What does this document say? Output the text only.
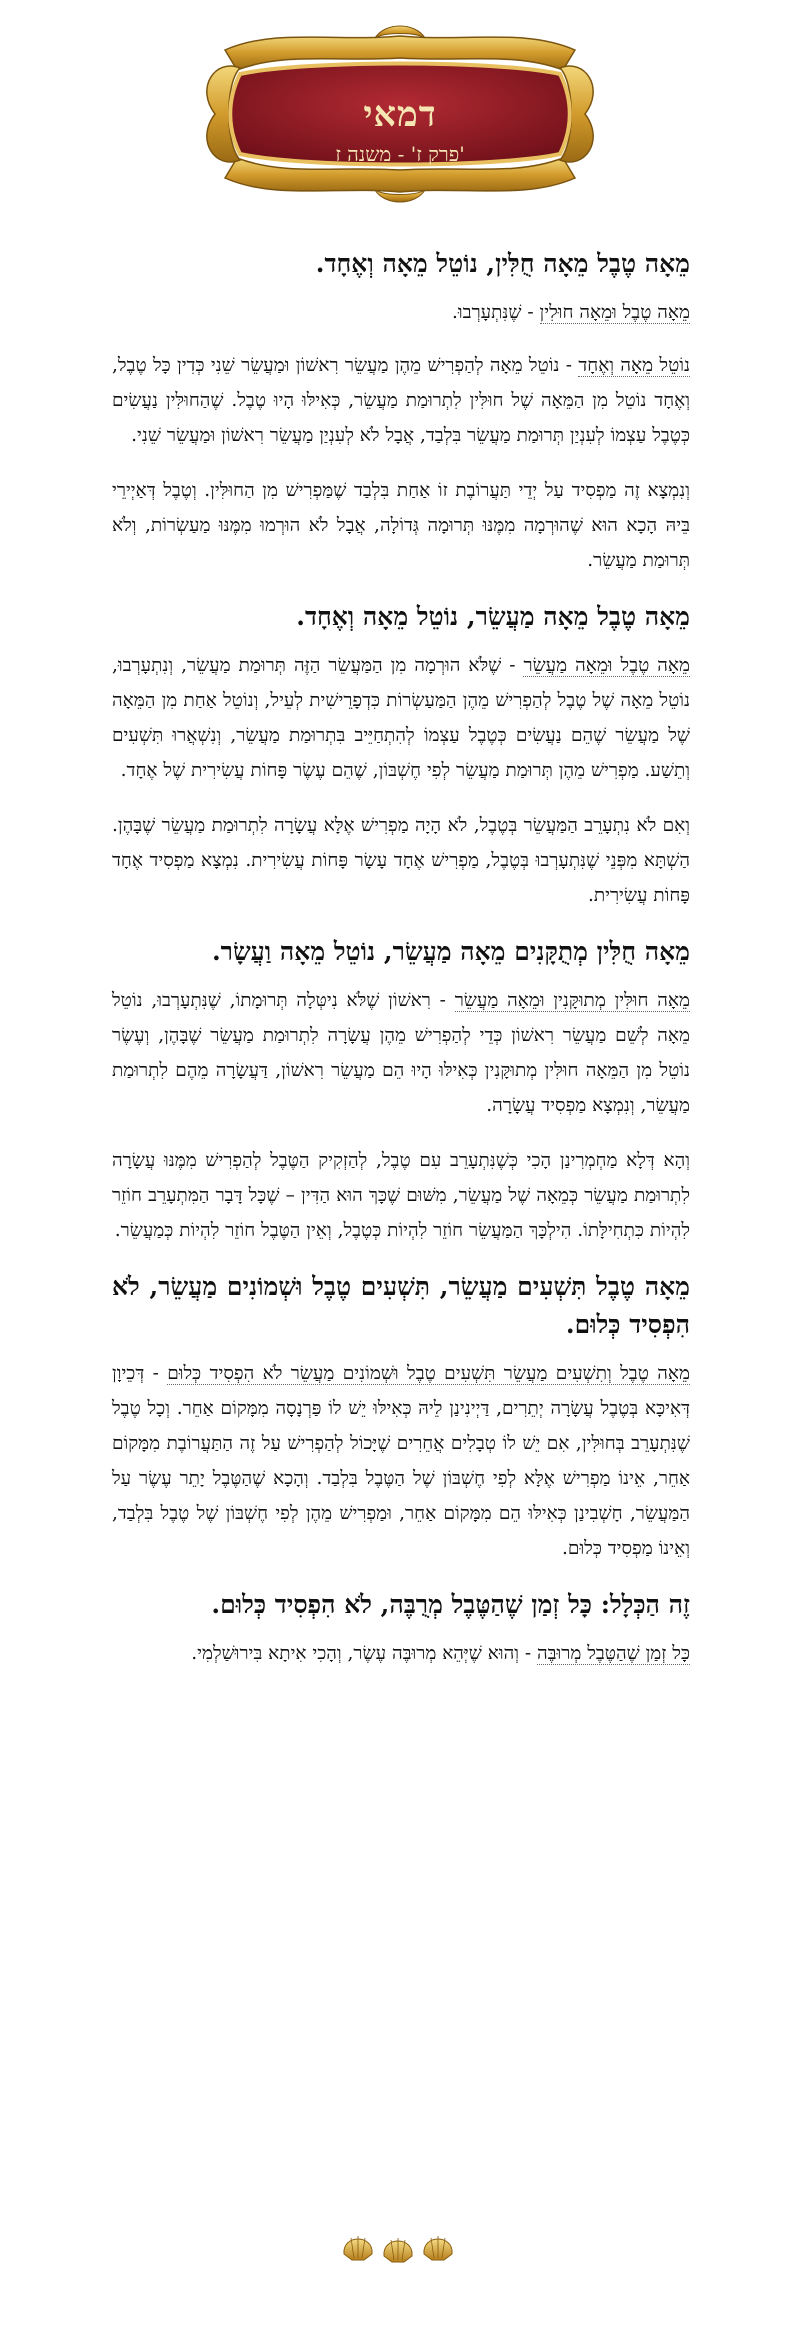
דמאי
פרק ז' - משנה ז'
מֵאָה טֶבֶל מֵאָה חֻלִּין, נוֹטֵל מֵאָה וְאֶחָד.

מֵאָה טֶבֶל וּמֵאָה חוּלִין - שֶׁנִּתְעָרְבוּ.

נוֹטֵל מֵאָה וְאֶחָד - נוֹטֵל מֵאָה לְהַפְרִישׁ מֵהֶן מַעֲשֵׂר רִאשׁוֹן וּמַעֲשֵׂר שֵׁנִי כְּדִין כָּל טֶבֶל, וְאֶחָד נוֹטֵל מִן הַמֵּאָה שֶׁל חוּלִּין לִתְרוּמַת מַעֲשֵׂר, כְּאִילּוּ הָיוּ טֶבֶל. שֶׁהַחוּלִּין נַעֲשִׂים כְּטֶבֶל עַצְמוֹ לְעִנְיַן תְּרוּמַת מַעֲשֵׂר בִּלְבַד, אֲבָל לֹא לְעִנְיַן מַעֲשֵׂר רִאשׁוֹן וּמַעֲשֵׂר שֵׁנִי.

וְנִמְצָא זֶה מַפְסִיד עַל יְדֵי תַּעֲרוֹבֶת זוֹ אַחַת בִּלְבַד שֶׁמַּפְרִישׁ מִן הַחוּלִּין. וְטֶבֶל דְּאַיְירֵי בֵּיהּ הָכָא הוּא שֶׁהוּרְמָה מִמֶּנּוּ תְּרוּמָה גְּדוֹלָה, אֲבָל לֹא הוּרְמוּ מִמֶּנּוּ מַעַשְׂרוֹת, וְלֹא תְּרוּמַת מַעֲשֵׂר.

מֵאָה טֶבֶל מֵאָה מַעֲשֵׂר, נוֹטֵל מֵאָה וְאֶחָד.

מֵאָה טֶבֶל וּמֵאָה מַעֲשֵׂר - שֶׁלֹּא הוּרְמָה מִן הַמַּעֲשֵׂר הַזֶּה תְּרוּמַת מַעֲשֵׂר, וְנִתְעָרְבוּ, נוֹטֵל מֵאָה שֶׁל טֶבֶל לְהַפְרִישׁ מֵהֶן הַמַּעַשְׂרוֹת כִּדְפָרֵישִׁית לְעֵיל, וְנוֹטֵל אַחַת מִן הַמֵּאָה שֶׁל מַעֲשֵׂר שֶׁהֵם נַעֲשִׂים כְּטֶבֶל עַצְמוֹ לְהִתְחַיֵּיב בִּתְרוּמַת מַעֲשֵׂר, וְנִשְׁאֲרוּ תִּשְׁעִים וְתֵשַׁע. מַפְרִישׁ מֵהֶן תְּרוּמַת מַעֲשֵׂר לְפִי חֶשְׁבּוֹן, שֶׁהֵם עֶשֶׂר פָּחוֹת עֲשִׂירִית שֶׁל אֶחָד.

וְאִם לֹא נִתְעָרֵב הַמַּעֲשֵׂר בְּטֶבֶל, לֹא הָיָה מַפְרִישׁ אֶלָּא עֲשָׂרָה לִתְרוּמַת מַעֲשֵׂר שֶׁבָּהֶן. הַשְׁתָּא מִפְּנֵי שֶׁנִּתְעָרְבוּ בְּטֶבֶל, מַפְרִישׁ אֶחָד עָשָׂר פָּחוֹת עֲשִׂירִית. נִמְצָא מַפְסִיד אֶחָד פָּחוֹת עֲשִׂירִית.

מֵאָה חֻלִּין מְתֻקָּנִים מֵאָה מַעֲשֵׂר, נוֹטֵל מֵאָה וַעֲשָׂר.

מֵאָה חוּלִּין מְתוּקָּנִין וּמֵאָה מַעֲשֵׂר - רִאשׁוֹן שֶׁלֹּא נִיטְּלָה תְּרוּמָתוֹ, שֶׁנִּתְעָרְבוּ, נוֹטֵל מֵאָה לְשֵׁם מַעֲשֵׂר רִאשׁוֹן כְּדֵי לְהַפְרִישׁ מֵהֶן עֲשָׂרָה לִתְרוּמַת מַעֲשֵׂר שֶׁבָּהֶן, וְעֶשֶׂר נוֹטֵל מִן הַמֵּאָה חוּלִּין מְתוּקָּנִין כְּאִילּוּ הָיוּ הֵם מַעֲשֵׂר רִאשׁוֹן, דַּעֲשָׂרָה מֵהֶם לִתְרוּמַת מַעֲשֵׂר, וְנִמְצָא מַפְסִיד עֲשָׂרָה.

וְהָא דְּלָא מַחְמְרִינַן הָכִי כְּשֶׁנִּתְעָרֵב עִם טֶבֶל, לְהַזְקִיק הַטֶּבֶל לְהַפְרִישׁ מִמֶּנּוּ עֲשָׂרָה לִתְרוּמַת מַעֲשֵׂר כְּמֵאָה שֶׁל מַעֲשֵׂר, מִשּׁוּם שֶׁכָּךְ הוּא הַדִּין – שֶׁכָּל דָּבָר הַמִּתְעָרֵב חוֹזֵר לִהְיוֹת כִּתְחִילָּתוֹ. הִילְכָּךְ הַמַּעֲשֵׂר חוֹזֵר לִהְיוֹת כְּטֶבֶל, וְאֵין הַטֶּבֶל חוֹזֵר לִהְיוֹת כְּמַעֲשֵׂר.

מֵאָה טֶבֶל תִּשְׁעִים מַעֲשֵׂר, תִּשְׁעִים טֶבֶל וּשְׁמוֹנִים מַעֲשֵׂר, לֹא הִפְסִיד כְּלוּם.

מֵאָה טֶבֶל וְתִשְׁעִים מַעֲשֵׂר תִּשְׁעִים טֶבֶל וּשְׁמוֹנִים מַעֲשֵׂר לֹא הִפְסִיד כְּלוּם - דְּכֵיוָן דְּאִיכָּא בְּטֶבֶל עֲשָׂרָה יְתֵרִים, דַּיְינִינַן לֵיהּ כְּאִילּוּ יֵשׁ לוֹ פַּרְנָסָה מִמָּקוֹם אַחֵר. וְכָל טֶבֶל שֶׁנִּתְעָרֵב בְּחוּלִּין, אִם יֵשׁ לוֹ טְבָלִים אֲחֵרִים שֶׁיָּכוֹל לְהַפְרִישׁ עַל זֶה הַתַּעֲרוֹבֶת מִמָּקוֹם אַחֵר, אֵינוֹ מַפְרִישׁ אֶלָּא לְפִי חֶשְׁבּוֹן שֶׁל הַטֶּבֶל בִּלְבַד. וְהָכָא שֶׁהַטֶּבֶל יָתֵר עֶשֶׂר עַל הַמַּעֲשֵׂר, חָשְׁבִינַן כְּאִילּוּ הֵם מִמָּקוֹם אַחֵר, וּמַפְרִישׁ מֵהֶן לְפִי חֶשְׁבּוֹן שֶׁל טֶבֶל בִּלְבַד, וְאֵינוֹ מַפְסִיד כְּלוּם.

זֶה הַכְּלָל: כָּל זְמַן שֶׁהַטֶּבֶל מְרֻבֶּה, לֹא הִפְסִיד כְּלוּם.

כָּל זְמַן שֶׁהַטֶּבֶל מְרוּבֶּה - וְהוּא שֶׁיְּהֵא מְרוּבֶּה עֶשֶׂר, וְהָכִי אִיתָא בִּירוּשַׁלְמִי.
